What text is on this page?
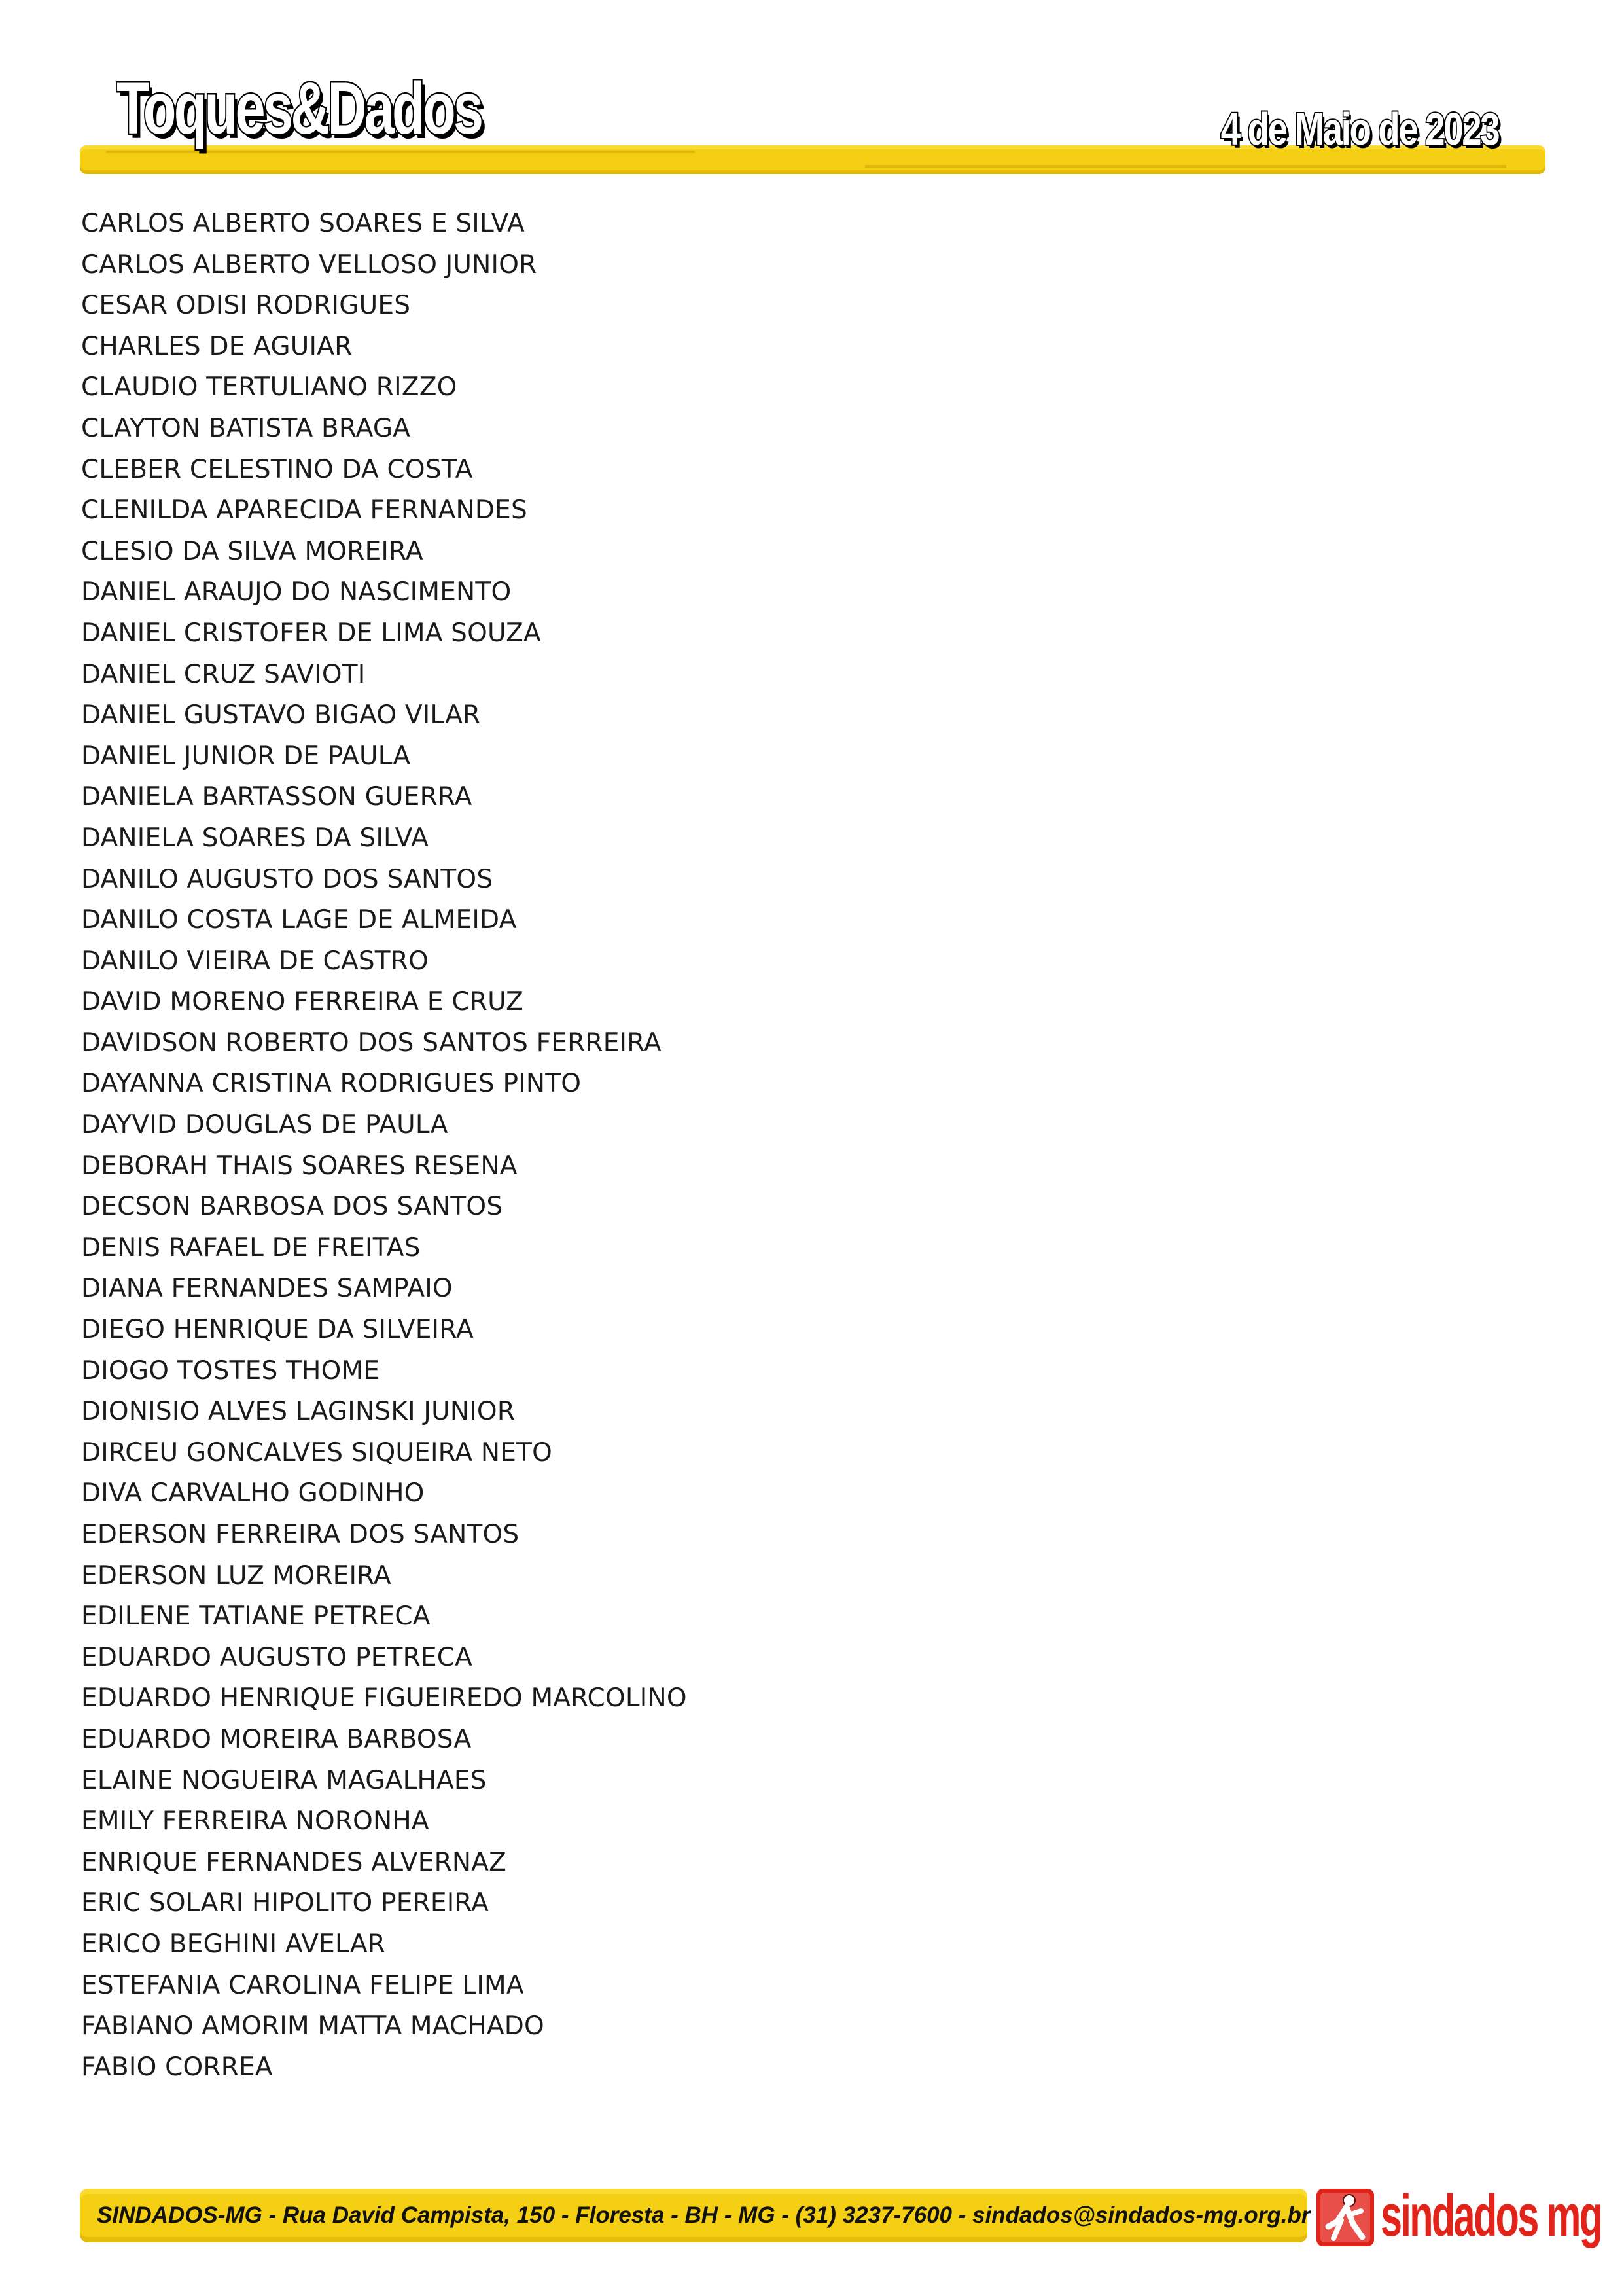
Toques&Dados	4 de Maio de 2023
CARLOS ALBERTO SOARES E SILVA
CARLOS ALBERTO VELLOSO JUNIOR
CESAR ODISI RODRIGUES
CHARLES DE AGUIAR
CLAUDIO TERTULIANO RIZZO
CLAYTON BATISTA BRAGA
CLEBER CELESTINO DA COSTA
CLENILDA APARECIDA FERNANDES
CLESIO DA SILVA MOREIRA
DANIEL ARAUJO DO NASCIMENTO
DANIEL CRISTOFER DE LIMA SOUZA
DANIEL CRUZ SAVIOTI
DANIEL GUSTAVO BIGAO VILAR
DANIEL JUNIOR DE PAULA
DANIELA BARTASSON GUERRA
DANIELA SOARES DA SILVA
DANILO AUGUSTO DOS SANTOS
DANILO COSTA LAGE DE ALMEIDA
DANILO VIEIRA DE CASTRO
DAVID MORENO FERREIRA E CRUZ
DAVIDSON ROBERTO DOS SANTOS FERREIRA
DAYANNA CRISTINA RODRIGUES PINTO
DAYVID DOUGLAS DE PAULA
DEBORAH THAIS SOARES RESENA
DECSON BARBOSA DOS SANTOS
DENIS RAFAEL DE FREITAS
DIANA FERNANDES SAMPAIO
DIEGO HENRIQUE DA SILVEIRA
DIOGO TOSTES THOME
DIONISIO ALVES LAGINSKI JUNIOR
DIRCEU GONCALVES SIQUEIRA NETO
DIVA CARVALHO GODINHO
EDERSON FERREIRA DOS SANTOS
EDERSON LUZ MOREIRA
EDILENE TATIANE PETRECA
EDUARDO AUGUSTO PETRECA
EDUARDO HENRIQUE FIGUEIREDO MARCOLINO
EDUARDO MOREIRA BARBOSA
ELAINE NOGUEIRA MAGALHAES
EMILY FERREIRA NORONHA
ENRIQUE FERNANDES ALVERNAZ
ERIC SOLARI HIPOLITO PEREIRA
ERICO BEGHINI AVELAR
ESTEFANIA CAROLINA FELIPE LIMA
FABIANO AMORIM MATTA MACHADO
FABIO CORREA
SINDADOS-MG - Rua David Campista, 150 - Floresta - BH - MG - (31) 3237-7600 - sindados@sindados-mg.org.br sindados mg
